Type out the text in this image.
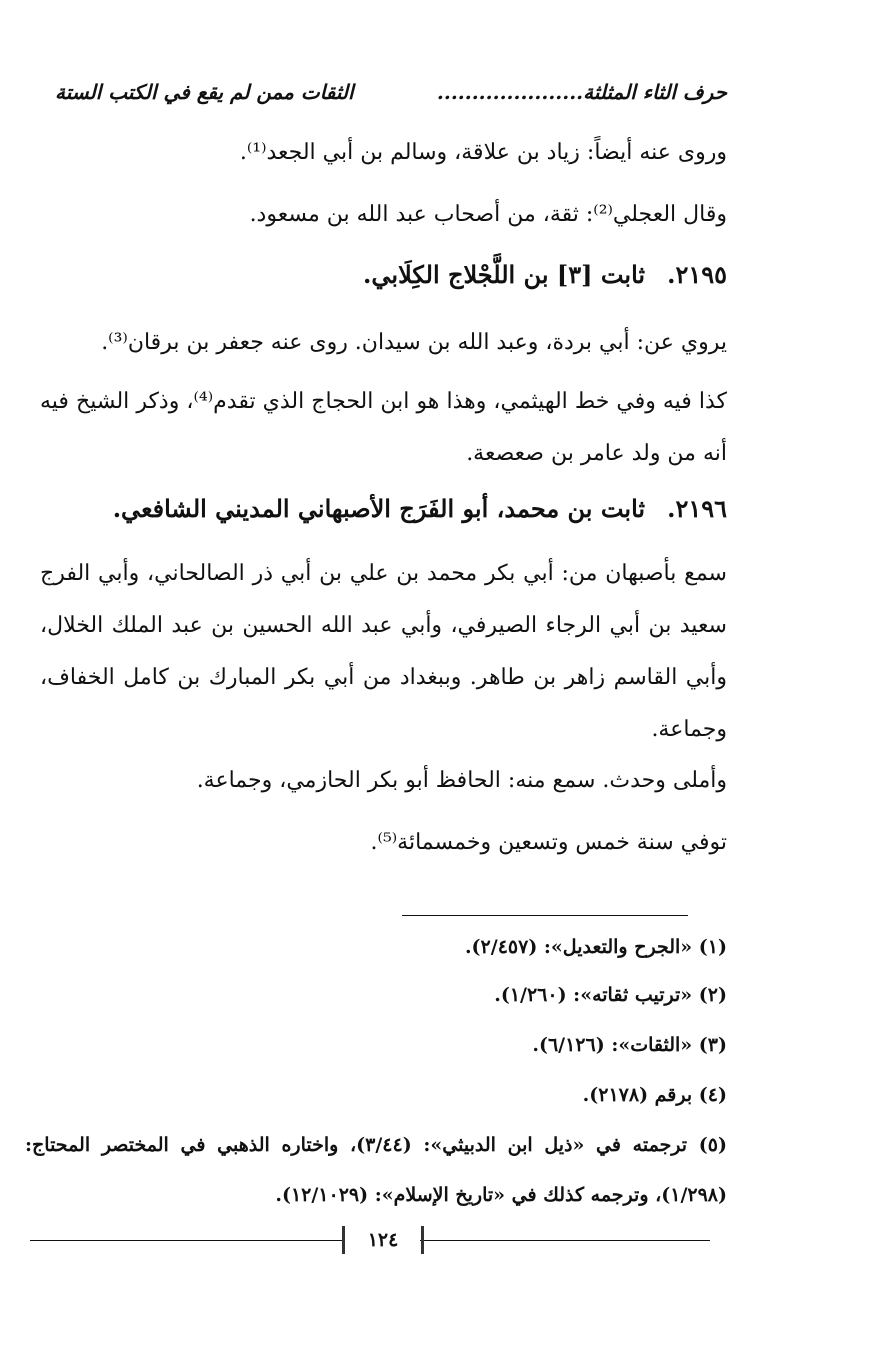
حرف الثاء المثلثة.....................
الثقات ممن لم يقع في الكتب الستة
وروى عنه أيضاً: زياد بن علاقة، وسالم بن أبي الجعد⁽¹⁾.
وقال العجلي⁽²⁾: ثقة، من أصحاب عبد الله بن مسعود.
٢١٩٥.ثابت [٣] بن اللَّجْلاج الكِلَابي.
يروي عن: أبي بردة، وعبد الله بن سيدان. روى عنه جعفر بن برقان⁽³⁾.
كذا فيه وفي خط الهيثمي، وهذا هو ابن الحجاج الذي تقدم⁽⁴⁾، وذكر الشيخ فيه أنه من ولد عامر بن صعصعة.
٢١٩٦.ثابت بن محمد، أبو الفَرَج الأصبهاني المديني الشافعي.
سمع بأصبهان من: أبي بكر محمد بن علي بن أبي ذر الصالحاني، وأبي الفرج سعيد بن أبي الرجاء الصيرفي، وأبي عبد الله الحسين بن عبد الملك الخلال، وأبي القاسم زاهر بن طاهر. وببغداد من أبي بكر المبارك بن كامل الخفاف، وجماعة.
وأملى وحدث. سمع منه: الحافظ أبو بكر الحازمي، وجماعة.
توفي سنة خمس وتسعين وخمسمائة⁽⁵⁾.
(١) «الجرح والتعديل»: (٢/٤٥٧).
(٢) «ترتيب ثقاته»: (١/٢٦٠).
(٣) «الثقات»: (٦/١٢٦).
(٤) برقم (٢١٧٨).
(٥) ترجمته في «ذيل ابن الدبيثي»: (٣/٤٤)، واختاره الذهبي في المختصر المحتاج: (١/٢٩٨)، وترجمه كذلك في «تاريخ الإسلام»: (١٢/١٠٢٩).
١٢٤
